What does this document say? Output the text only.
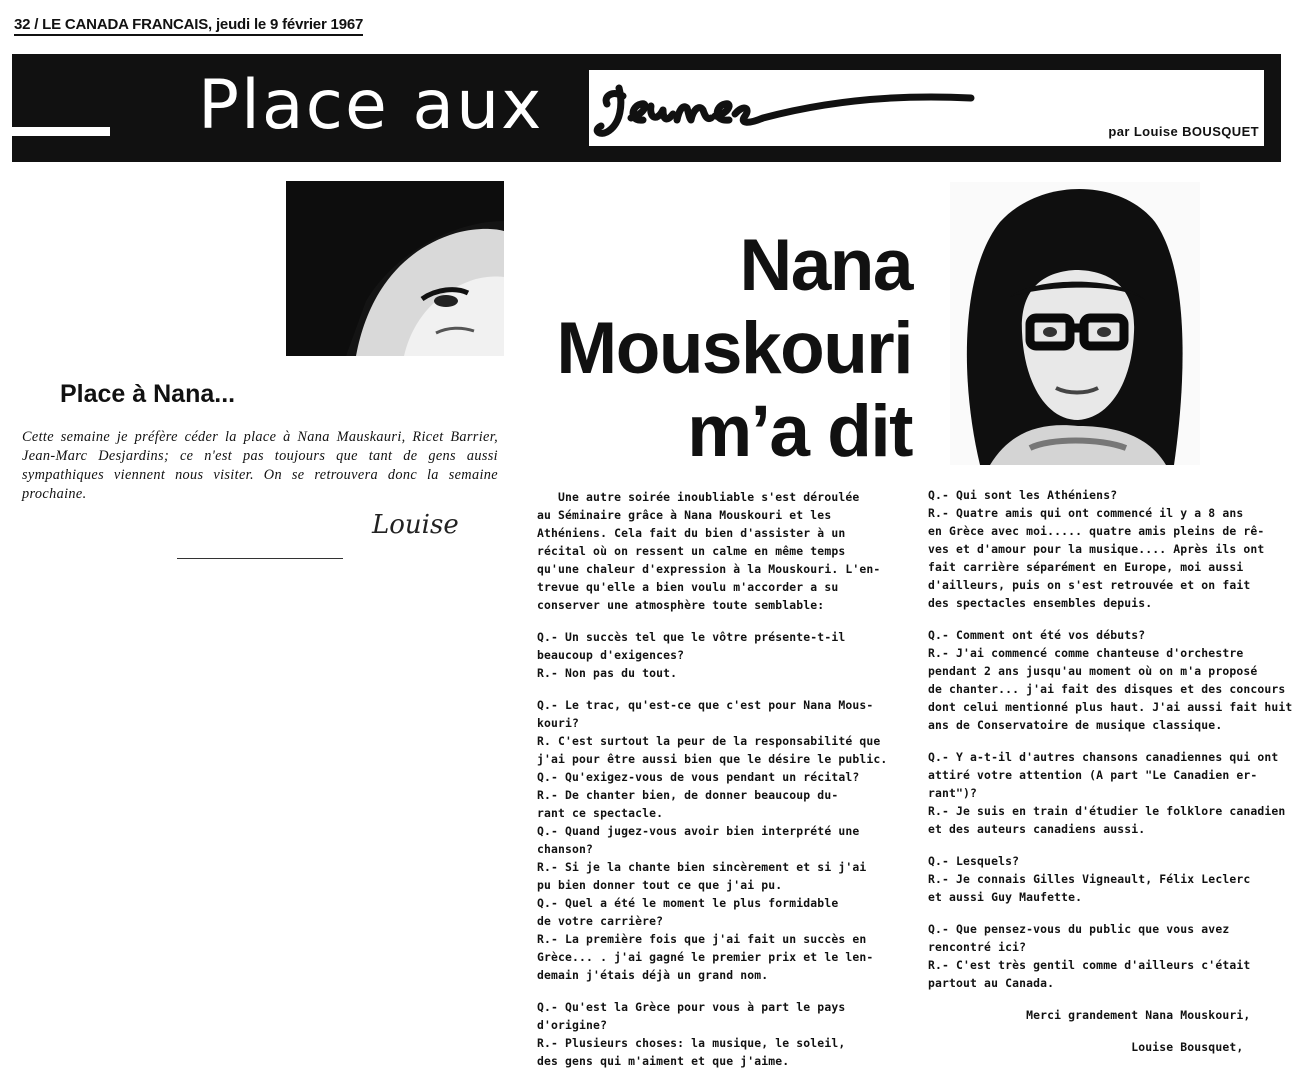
32 / LE CANADA FRANCAIS, jeudi le 9 février 1967
Place aux	par Louise BOUSQUET
Place à Nana...
Cette semaine je préfère céder la place à Nana Mauskauri, Ricet Barrier, Jean-Marc Desjardins; ce n'est pas toujours que tant de gens aussi sympathiques viennent nous visiter. On se retrouvera donc la semaine prochaine.
Louise
Nana
Mouskouri
m’a dit
Une autre soirée inoubliable s'est déroulée
au Séminaire grâce à Nana Mouskouri et les
Athéniens. Cela fait du bien d'assister à un
récital où on ressent un calme en même temps
qu'une chaleur d'expression à la Mouskouri. L'en-
trevue qu'elle a bien voulu m'accorder a su
conserver une atmosphère toute semblable:
Q.- Un succès tel que le vôtre présente-t-il
beaucoup d'exigences?
R.- Non pas du tout.
Q.- Le trac, qu'est-ce que c'est pour Nana Mous-
kouri?
R. C'est surtout la peur de la responsabilité que
j'ai pour être aussi bien que le désire le public.
Q.- Qu'exigez-vous de vous pendant un récital?
R.- De chanter bien, de donner beaucoup du-
rant ce spectacle.
Q.- Quand jugez-vous avoir bien interprété une
chanson?
R.- Si je la chante bien sincèrement et si j'ai
pu bien donner tout ce que j'ai pu.
Q.- Quel a été le moment le plus formidable
de votre carrière?
R.- La première fois que j'ai fait un succès en
Grèce... . j'ai gagné le premier prix et le len-
demain j'étais déjà un grand nom.
Q.- Qu'est la Grèce pour vous à part le pays
d'origine?
R.- Plusieurs choses: la musique, le soleil,
des gens qui m'aiment et que j'aime.
Q.- Qui sont les Athéniens?
R.- Quatre amis qui ont commencé il y a 8 ans
en Grèce avec moi..... quatre amis pleins de rê-
ves et d'amour pour la musique.... Après ils ont
fait carrière séparément en Europe, moi aussi
d'ailleurs, puis on s'est retrouvée et on fait
des spectacles ensembles depuis.
Q.- Comment ont été vos débuts?
R.- J'ai commencé comme chanteuse d'orchestre
pendant 2 ans jusqu'au moment où on m'a proposé
de chanter... j'ai fait des disques et des concours
dont celui mentionné plus haut. J'ai aussi fait huit
ans de Conservatoire de musique classique.
Q.- Y a-t-il d'autres chansons canadiennes qui ont
attiré votre attention (A part "Le Canadien er-
rant")?
R.- Je suis en train d'étudier le folklore canadien
et des auteurs canadiens aussi.
Q.- Lesquels?
R.- Je connais Gilles Vigneault, Félix Leclerc
et aussi Guy Maufette.
Q.- Que pensez-vous du public que vous avez
rencontré ici?
R.- C'est très gentil comme d'ailleurs c'était
partout au Canada.
Merci grandement Nana Mouskouri,
Louise Bousquet,
